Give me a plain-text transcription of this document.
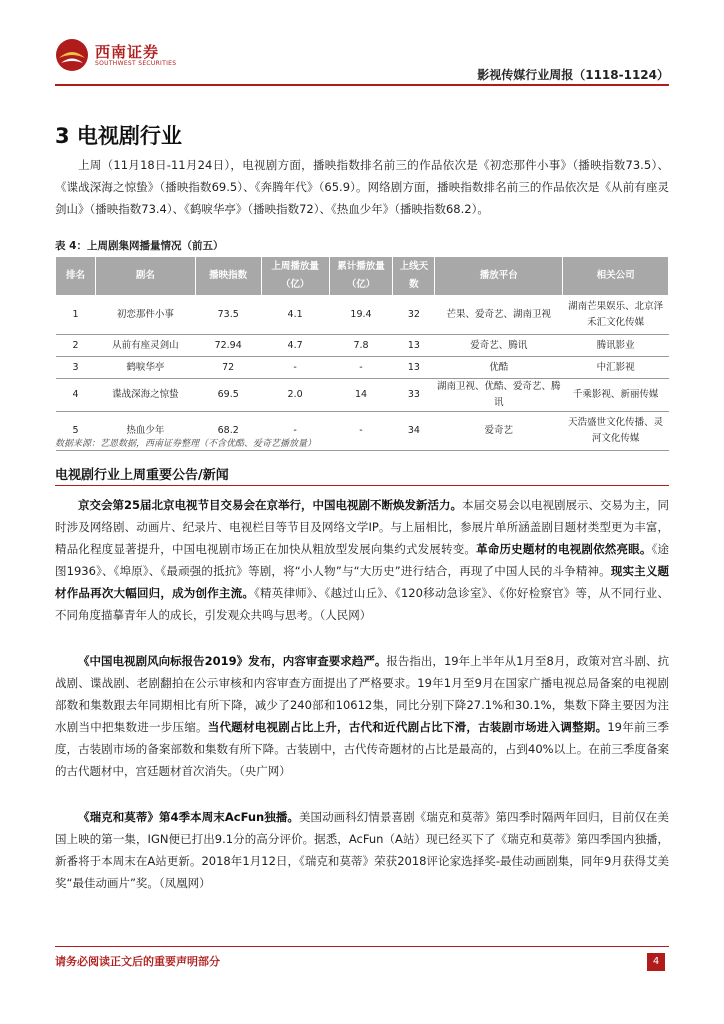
西南证券
SOUTHWEST SECURITIES
影视传媒行业周报（1118-1124）
3 电视剧行业

上周（11月18日-11月24日），电视剧方面，播映指数排名前三的作品依次是《初恋那件小事》（播映指数73.5）、《谍战深海之惊蛰》（播映指数69.5）、《奔腾年代》（65.9）。网络剧方面，播映指数排名前三的作品依次是《从前有座灵剑山》（播映指数73.4）、《鹤唳华亭》（播映指数72）、《热血少年》（播映指数68.2）。

表 4：上周剧集网播量情况（前五）
排名	剧名	播映指数	上周播放量（亿）	累计播放量（亿）	上线天数	播放平台	相关公司
1	初恋那件小事	73.5	4.1	19.4	32	芒果、爱奇艺、湖南卫视	湖南芒果娱乐、北京泽禾汇文化传媒
2	从前有座灵剑山	72.94	4.7	7.8	13	爱奇艺、腾讯	腾讯影业
3	鹤唳华亭	72	-	-	13	优酷	中汇影视
4	谍战深海之惊蛰	69.5	2.0	14	33	湖南卫视、优酷、爱奇艺、腾讯	千乘影视、新丽传媒
5	热血少年	68.2	-	-	34	爱奇艺	天浩盛世文化传播、灵河文化传媒
数据来源：艺恩数据，西南证券整理（不含优酷、爱奇艺播放量）
电视剧行业上周重要公告/新闻

京交会第25届北京电视节目交易会在京举行，中国电视剧不断焕发新活力。本届交易会以电视剧展示、交易为主，同时涉及网络剧、动画片、纪录片、电视栏目等节目及网络文学IP。与上届相比，参展片单所涵盖剧目题材类型更为丰富，精品化程度显著提升，中国电视剧市场正在加快从粗放型发展向集约式发展转变。革命历史题材的电视剧依然亮眼。《途图1936》、《埠原》、《最顽强的抵抗》等剧，将“小人物”与“大历史”进行结合，再现了中国人民的斗争精神。现实主义题材作品再次大幅回归，成为创作主流。《精英律师》、《越过山丘》、《120移动急诊室》、《你好检察官》等，从不同行业、不同角度描摹青年人的成长，引发观众共鸣与思考。（人民网）

《中国电视剧风向标报告2019》发布，内容审查要求趋严。报告指出，19年上半年从1月至8月，政策对宫斗剧、抗战剧、谍战剧、老剧翻拍在公示审核和内容审查方面提出了严格要求。19年1月至9月在国家广播电视总局备案的电视剧部数和集数跟去年同期相比有所下降，减少了240部和10612集，同比分别下降27.1%和30.1%，集数下降主要因为注水剧当中把集数进一步压缩。当代题材电视剧占比上升，古代和近代剧占比下滑，古装剧市场进入调整期。19年前三季度，古装剧市场的备案部数和集数有所下降。古装剧中，古代传奇题材的占比是最高的，占到40%以上。在前三季度备案的古代题材中，宫廷题材首次消失。（央广网）

《瑞克和莫蒂》第4季本周末AcFun独播。美国动画科幻情景喜剧《瑞克和莫蒂》第四季时隔两年回归，目前仅在美国上映的第一集，IGN便已打出9.1分的高分评价。据悉，AcFun（A站）现已经买下了《瑞克和莫蒂》第四季国内独播，新番将于本周末在A站更新。2018年1月12日，《瑞克和莫蒂》荣获2018评论家选择奖-最佳动画剧集，同年9月获得艾美奖“最佳动画片”奖。（凤凰网）

请务必阅读正文后的重要声明部分	4
